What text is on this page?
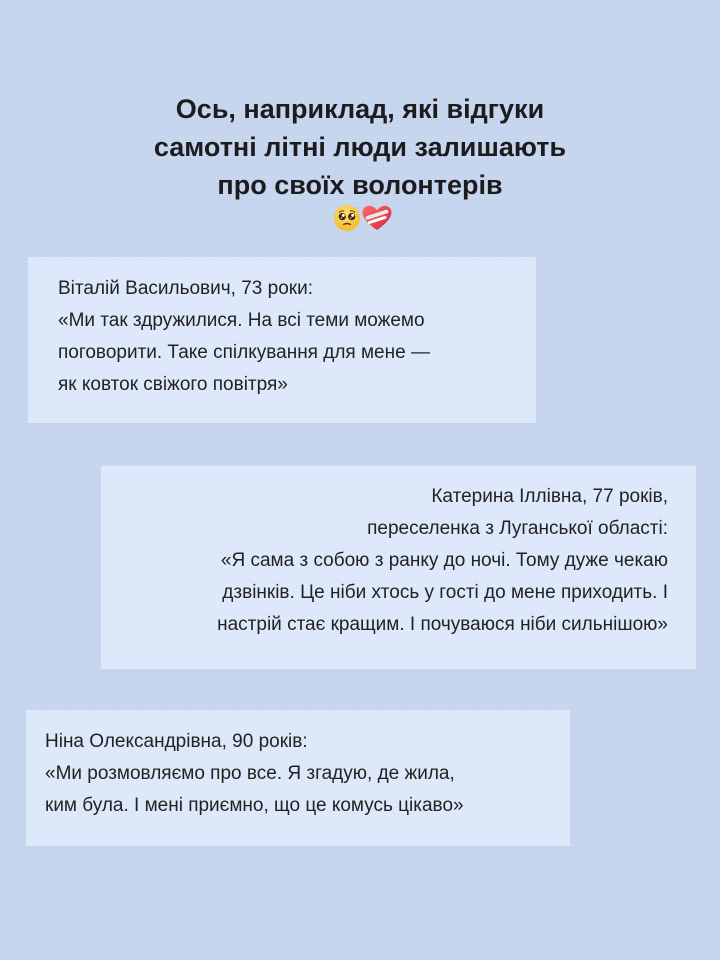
Ось, наприклад, які відгуки
самотні літні люди залишають
про своїх волонтерів
Віталій Васильович, 73 роки:
«Ми так здружилися. На всі теми можемо
поговорити. Таке спілкування для мене —
як ковток свіжого повітря»
Катерина Іллівна, 77 років,
переселенка з Луганської області:
«Я сама з собою з ранку до ночі. Тому дуже чекаю
дзвінків. Це ніби хтось у гості до мене приходить. І
настрій стає кращим. І почуваюся ніби сильнішою»
Ніна Олександрівна, 90 років:
«Ми розмовляємо про все. Я згадую, де жила,
ким була. І мені приємно, що це комусь цікаво»
